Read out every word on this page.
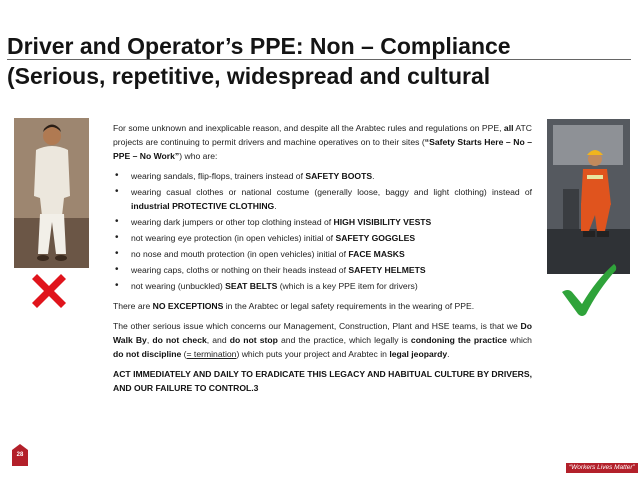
Driver and Operator’s PPE: Non – Compliance
(Serious, repetitive, widespread and cultural

For some unknown and inexplicable reason, and despite all the Arabtec rules and regulations on PPE, all ATC projects are continuing to permit drivers and machine operatives on to their sites (“Safety Starts Here – No – PPE – No Work”) who are:

• wearing sandals, flip-flops, trainers instead of SAFETY BOOTS.
• wearing casual clothes or national costume (generally loose, baggy and light clothing) instead of industrial PROTECTIVE CLOTHING.
• wearing dark jumpers or other top clothing instead of HIGH VISIBILITY VESTS
• not wearing eye protection (in open vehicles) initial of SAFETY GOGGLES
• no nose and mouth protection (in open vehicles) initial of FACE MASKS
• wearing caps, cloths or nothing on their heads instead of SAFETY HELMETS
• not wearing (unbuckled) SEAT BELTS (which is a key PPE item for drivers)

There are NO EXCEPTIONS in the Arabtec or legal safety requirements in the wearing of PPE.

The other serious issue which concerns our Management, Construction, Plant and HSE teams, is that we Do Walk By, do not check, and do not stop and the practice, which legally is condoning the practice which do not discipline (= termination) which puts your project and Arabtec in legal jeopardy.

ACT IMMEDIATELY AND DAILY TO ERADICATE THIS LEGACY AND HABITUAL CULTURE BY DRIVERS, AND OUR FAILURE TO CONTROL.3

28
“Workers Lives Matter”
